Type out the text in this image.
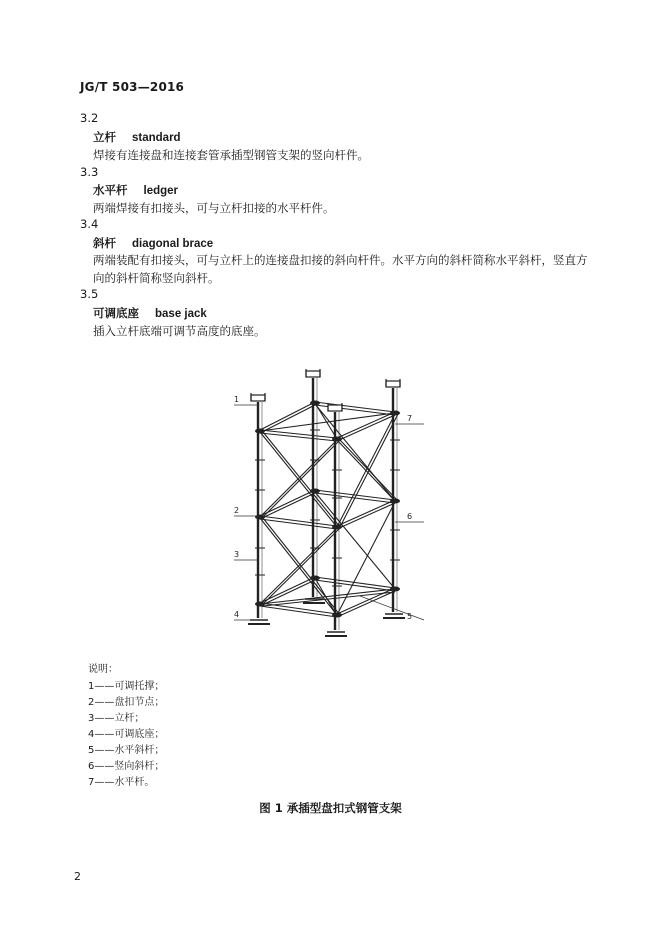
JG/T 503—2016
3.2
立杆 standard
焊接有连接盘和连接套管承插型钢管支架的竖向杆件。
3.3
水平杆 ledger
两端焊接有扣接头，可与立杆扣接的水平杆件。
3.4
斜杆 diagonal brace
两端装配有扣接头，可与立杆上的连接盘扣接的斜向杆件。水平方向的斜杆简称水平斜杆，竖直方
向的斜杆简称竖向斜杆。
3.5
可调底座 base jack
插入立杆底端可调节高度的底座。
1
2
3
4	5
6
7
说明：
1——可调托撑；
2——盘扣节点；
3——立杆；
4——可调底座；
5——水平斜杆；
6——竖向斜杆；
7——水平杆。
图 1 承插型盘扣式钢管支架
2
